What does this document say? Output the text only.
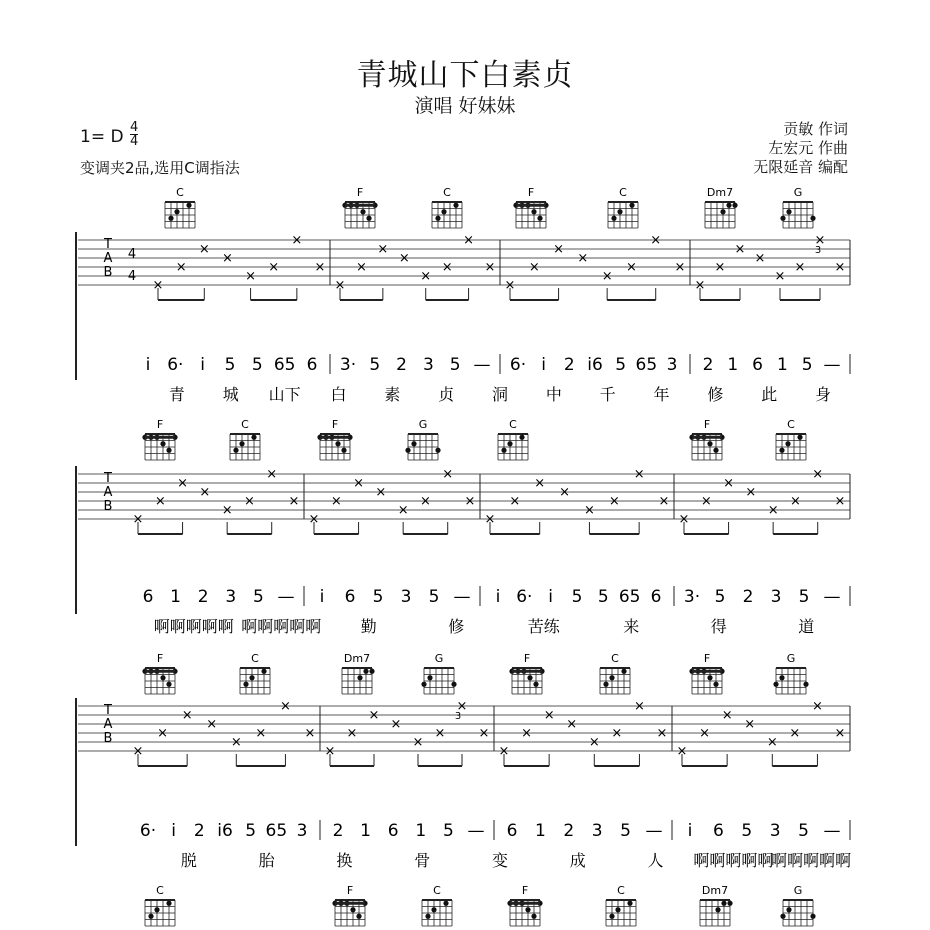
青城山下白素贞
演唱 好妹妹
1= D $\frac{4}{4}$
变调夹2品,选用C调指法
贡敏 作词
左宏元 作曲
无限延音 编配
C	F	C	F	C	Dm7	G
T
A
B
4
4
×
×
×
×
×
×
×
×
×
×
×
×
×
×
×
×
×
×
×
×
×
×
×
×
×
×
×
×
×
×
×
×
i 6· i 5 5 65 6 3· 5 2 3 5 — 6· i 2 i6 5 65 3 2 1 6 1 5 —
青 城 山下 白 素 贞 洞 中 千 年 修 此 身
F	C	F	G	C	F	C
T
A
B
×
×
×
×
×
×
×
×
×
×
×
×
×
×
×
×
×
×
×
×
×
×
×
×
×
×
×
×
×
×
×
×
6 1 2 3 5 — i 6 5 3 5 — i 6· i 5 5 65 6 3· 5 2 3 5 —
啊啊啊啊啊 啊啊啊啊啊 勤	修	苦练	来	得	道
F	C	Dm7	G	F	C	F	G
T
A
B
×
×
×
×
×
×
×
×
×
×
×
×
×
×
×
×
×
×
×
×
×
×
×
×
×
×
×
×
×
×
×
×
6· i 2 i6 5 65 3 2 1 6 1 5 — 6 1 2 3 5 — i 6 5 3 5 —
脱	胎	换	骨	变	成	人 啊啊啊啊啊
啊啊啊啊啊
C	F	C	F	C	Dm7	G
3
3
